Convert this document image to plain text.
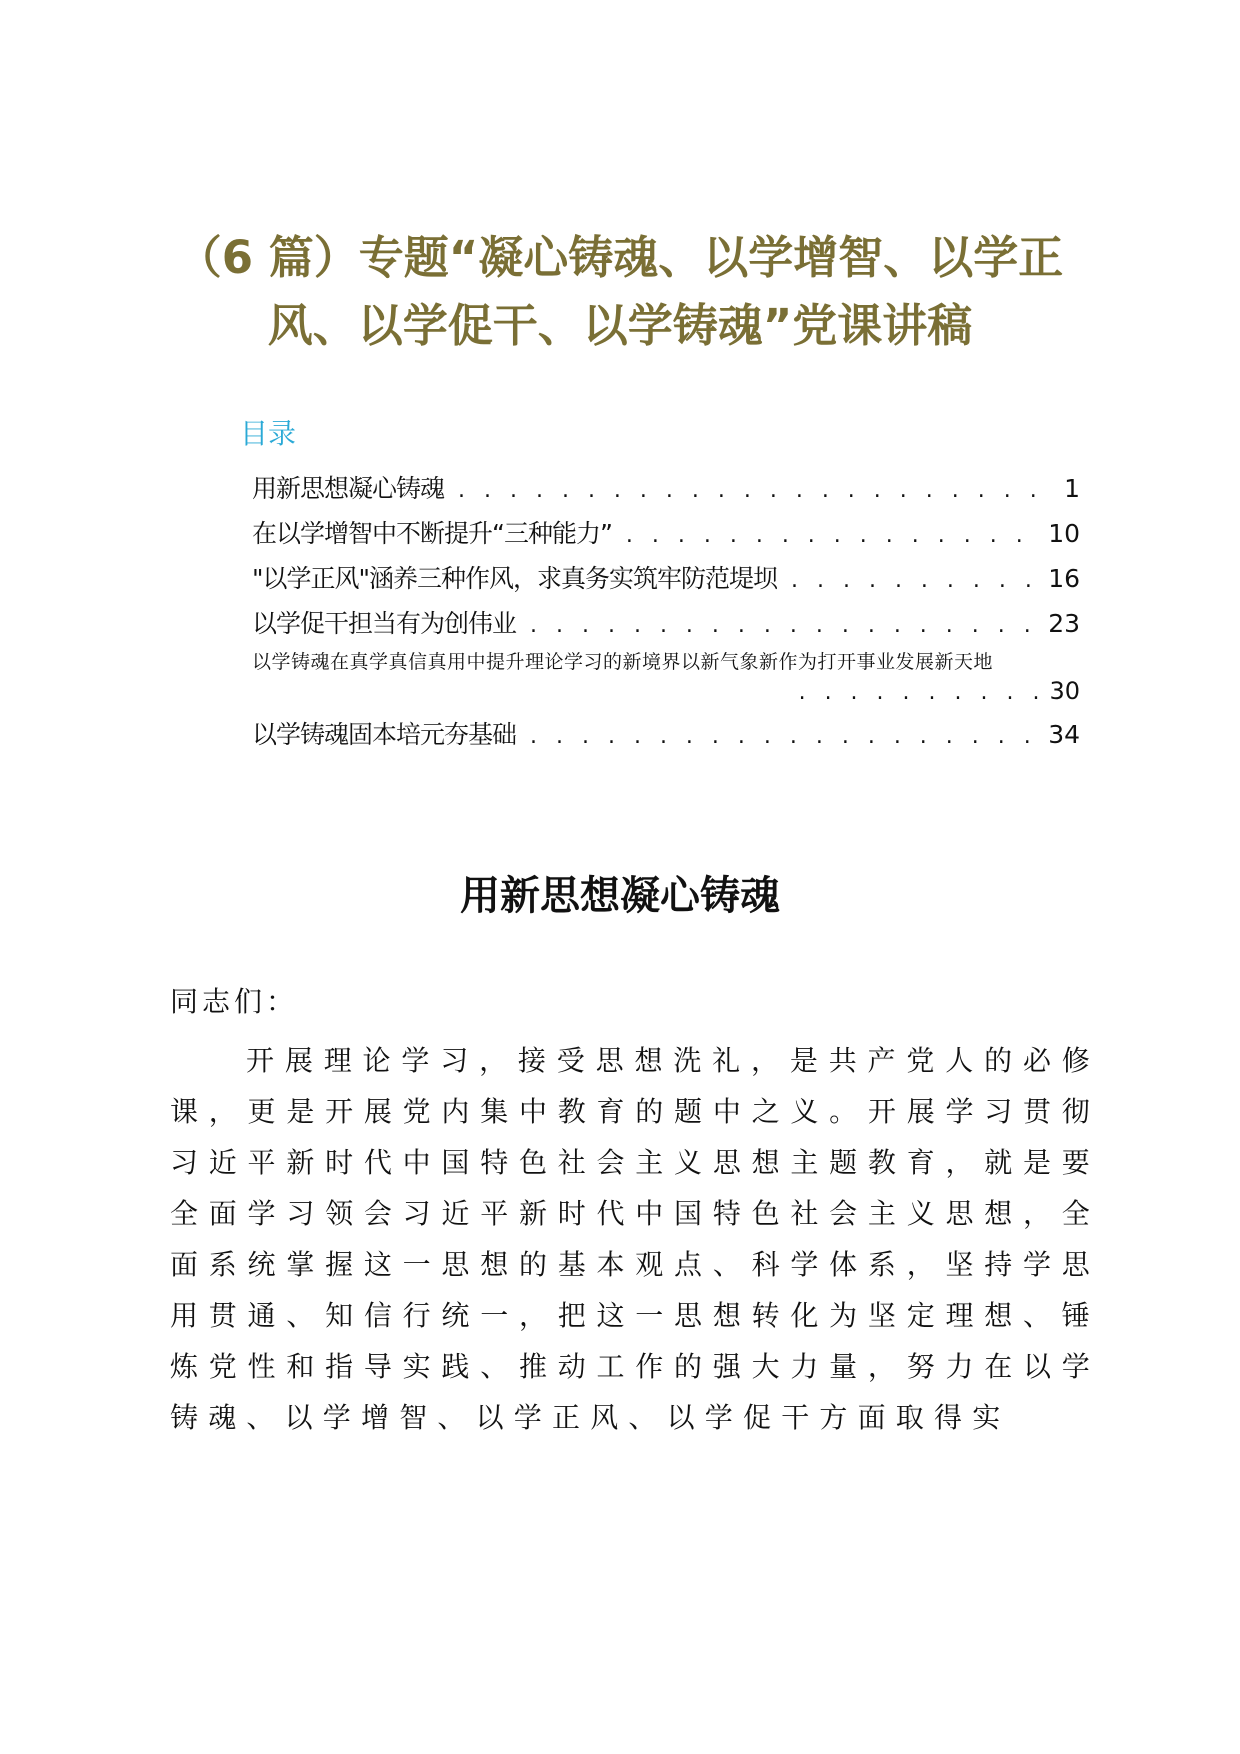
（6 篇）专题“凝心铸魂、以学增智、以学正风、以学促干、以学铸魂”党课讲稿
目录
用新思想凝心铸魂 . . .	1
在以学增智中不断提升“三种能力” . . .	10
"以学正风"涵养三种作风，求真务实筑牢防范堤坝 . . .	16
以学促干担当有为创伟业 . . .	23
以学铸魂在真学真信真用中提升理论学习的新境界以新气象新作为打开事业发展新天地
. . . . . . . . . . 30
以学铸魂固本培元夯基础 . . .	34
用新思想凝心铸魂
同志们：

开展理论学习，接受思想洗礼，是共产党人的必修课，更是开展党内集中教育的题中之义。开展学习贯彻习近平新时代中国特色社会主义思想主题教育，就是要全面学习领会习近平新时代中国特色社会主义思想，全面系统掌握这一思想的基本观点、科学体系，坚持学思用贯通、知信行统一，把这一思想转化为坚定理想、锤炼党性和指导实践、推动工作的强大力量，努力在以学铸魂、以学增智、以学正风、以学促干方面取得实
